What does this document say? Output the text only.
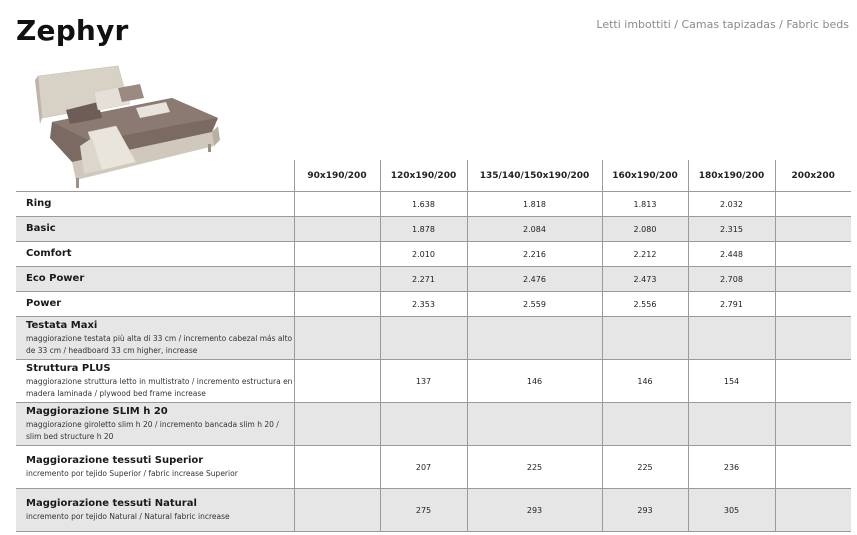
Zephyr	Letti imbottiti / Camas tapizadas / Fabric beds
	90x190/200	120x190/200	135/140/150x190/200	160x190/200	180x190/200	200x200

Ring		1.638	1.818	1.813	2.032	

Basic		1.878	2.084	2.080	2.315	

Comfort		2.010	2.216	2.212	2.448	

Eco Power		2.271	2.476	2.473	2.708	

Power		2.353	2.559	2.556	2.791	

Testata Maxi
maggiorazione testata più alta di 33 cm / incremento cabezal más alto de 33 cm / headboard 33 cm higher, increase						

Struttura PLUS
maggiorazione struttura letto in multistrato / incremento estructura en madera laminada / plywood bed frame increase		137	146	146	154	

Maggiorazione SLIM h 20
maggiorazione giroletto slim h 20 / incremento bancada slim h 20 / slim bed structure h 20						

Maggiorazione tessuti Superior
incremento por tejido Superior / fabric increase Superior		207	225	225	236	

Maggiorazione tessuti Natural
incremento por tejido Natural / Natural fabric increase		275	293	293	305	
